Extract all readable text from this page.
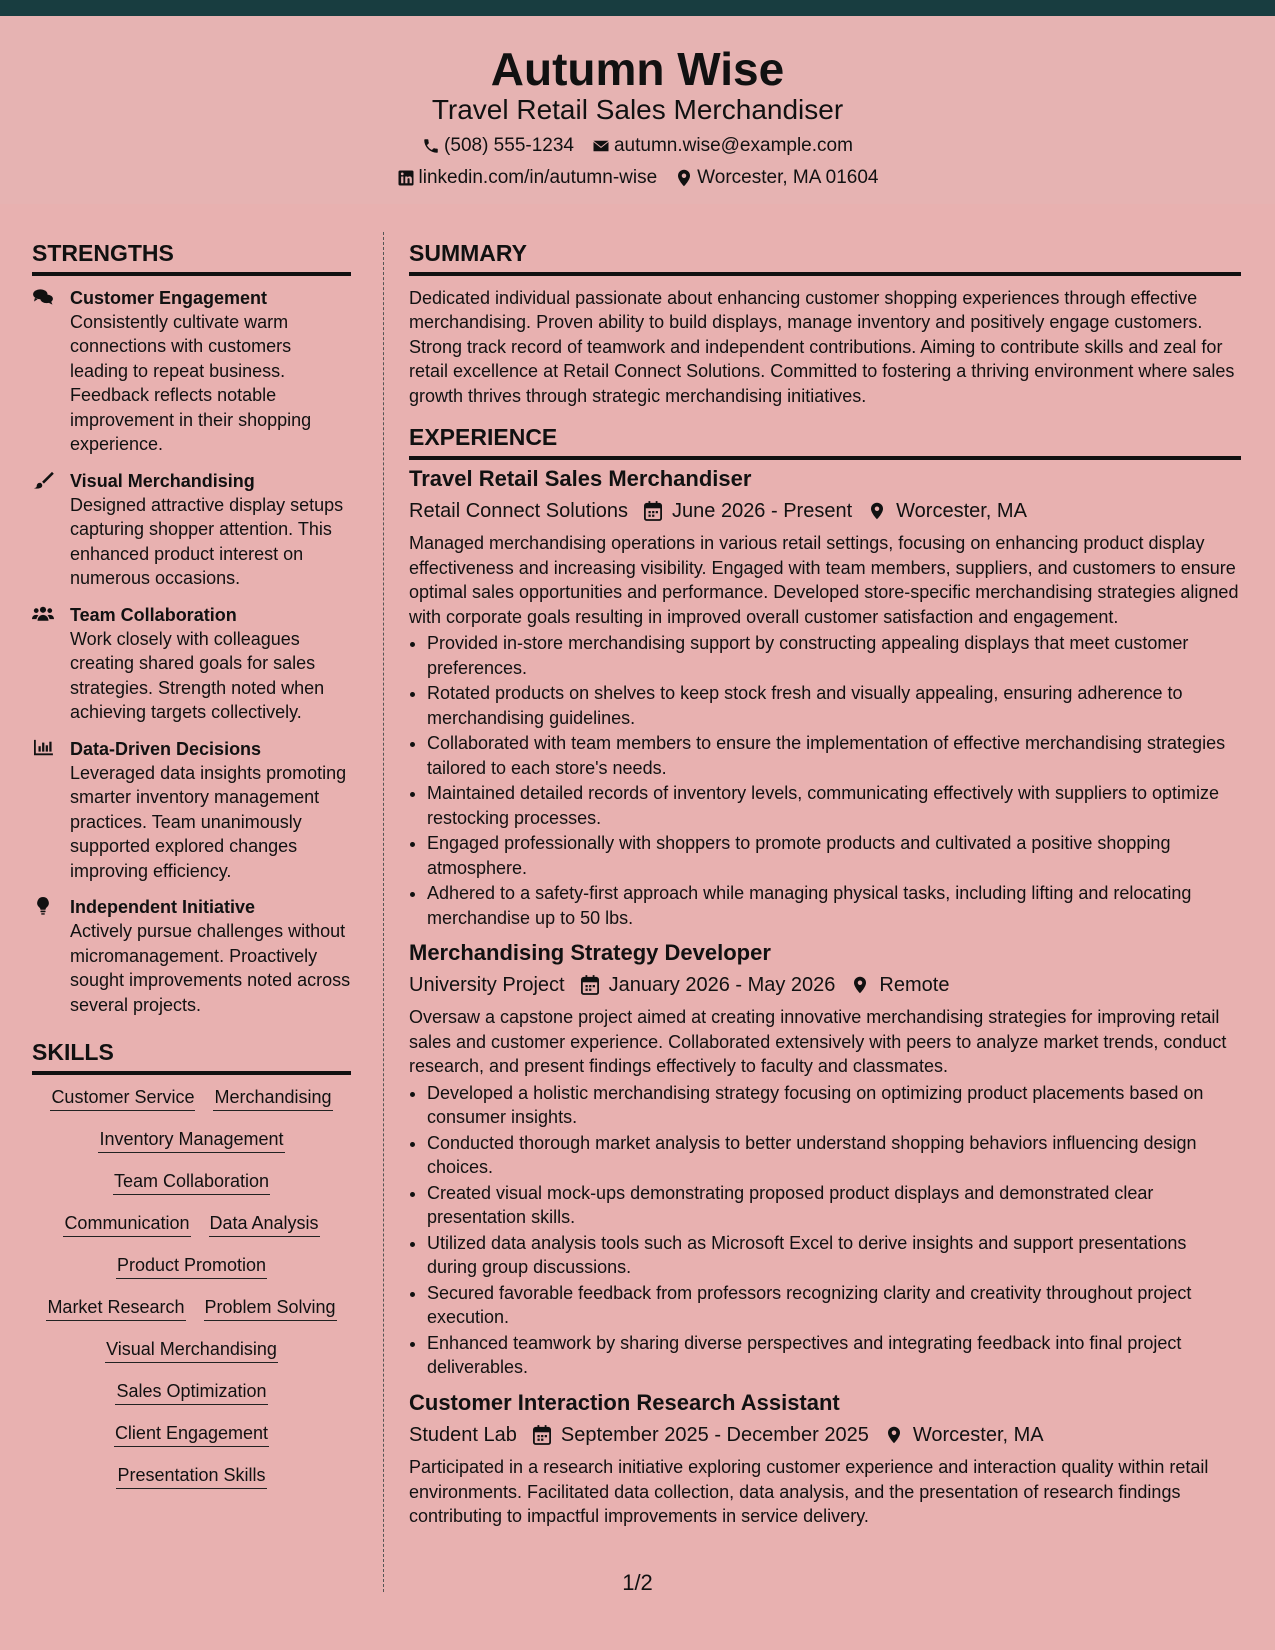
Autumn Wise
Travel Retail Sales Merchandiser
(508) 555-1234 autumn.wise@example.com
linkedin.com/in/autumn-wise Worcester, MA 01604
STRENGTHS
Customer Engagement
Consistently cultivate warm connections with customers leading to repeat business. Feedback reflects notable improvement in their shopping experience.
Visual Merchandising
Designed attractive display setups capturing shopper attention. This enhanced product interest on numerous occasions.
Team Collaboration
Work closely with colleagues creating shared goals for sales strategies. Strength noted when achieving targets collectively.
Data-Driven Decisions
Leveraged data insights promoting smarter inventory management practices. Team unanimously supported explored changes improving efficiency.
Independent Initiative
Actively pursue challenges without micromanagement. Proactively sought improvements noted across several projects.
SKILLS
Customer Service Merchandising
Inventory Management
Team Collaboration
Communication Data Analysis
Product Promotion
Market Research Problem Solving
Visual Merchandising
Sales Optimization
Client Engagement
Presentation Skills
SUMMARY

Dedicated individual passionate about enhancing customer shopping experiences through effective merchandising. Proven ability to build displays, manage inventory and positively engage customers. Strong track record of teamwork and independent contributions. Aiming to contribute skills and zeal for retail excellence at Retail Connect Solutions. Committed to fostering a thriving environment where sales growth thrives through strategic merchandising initiatives.

EXPERIENCE
Travel Retail Sales Merchandiser
Retail Connect Solutions June 2026 - Present Worcester, MA

Managed merchandising operations in various retail settings, focusing on enhancing product display effectiveness and increasing visibility. Engaged with team members, suppliers, and customers to ensure optimal sales opportunities and performance. Developed store-specific merchandising strategies aligned with corporate goals resulting in improved overall customer satisfaction and engagement.

• Provided in-store merchandising support by constructing appealing displays that meet customer preferences.
• Rotated products on shelves to keep stock fresh and visually appealing, ensuring adherence to merchandising guidelines.
• Collaborated with team members to ensure the implementation of effective merchandising strategies tailored to each store's needs.
• Maintained detailed records of inventory levels, communicating effectively with suppliers to optimize restocking processes.
• Engaged professionally with shoppers to promote products and cultivated a positive shopping atmosphere.
• Adhered to a safety-first approach while managing physical tasks, including lifting and relocating merchandise up to 50 lbs.
Merchandising Strategy Developer
University Project January 2026 - May 2026 Remote

Oversaw a capstone project aimed at creating innovative merchandising strategies for improving retail sales and customer experience. Collaborated extensively with peers to analyze market trends, conduct research, and present findings effectively to faculty and classmates.

• Developed a holistic merchandising strategy focusing on optimizing product placements based on consumer insights.
• Conducted thorough market analysis to better understand shopping behaviors influencing design choices.
• Created visual mock-ups demonstrating proposed product displays and demonstrated clear presentation skills.
• Utilized data analysis tools such as Microsoft Excel to derive insights and support presentations during group discussions.
• Secured favorable feedback from professors recognizing clarity and creativity throughout project execution.
• Enhanced teamwork by sharing diverse perspectives and integrating feedback into final project deliverables.
Customer Interaction Research Assistant
Student Lab September 2025 - December 2025 Worcester, MA

Participated in a research initiative exploring customer experience and interaction quality within retail environments. Facilitated data collection, data analysis, and the presentation of research findings contributing to impactful improvements in service delivery.

1/2
